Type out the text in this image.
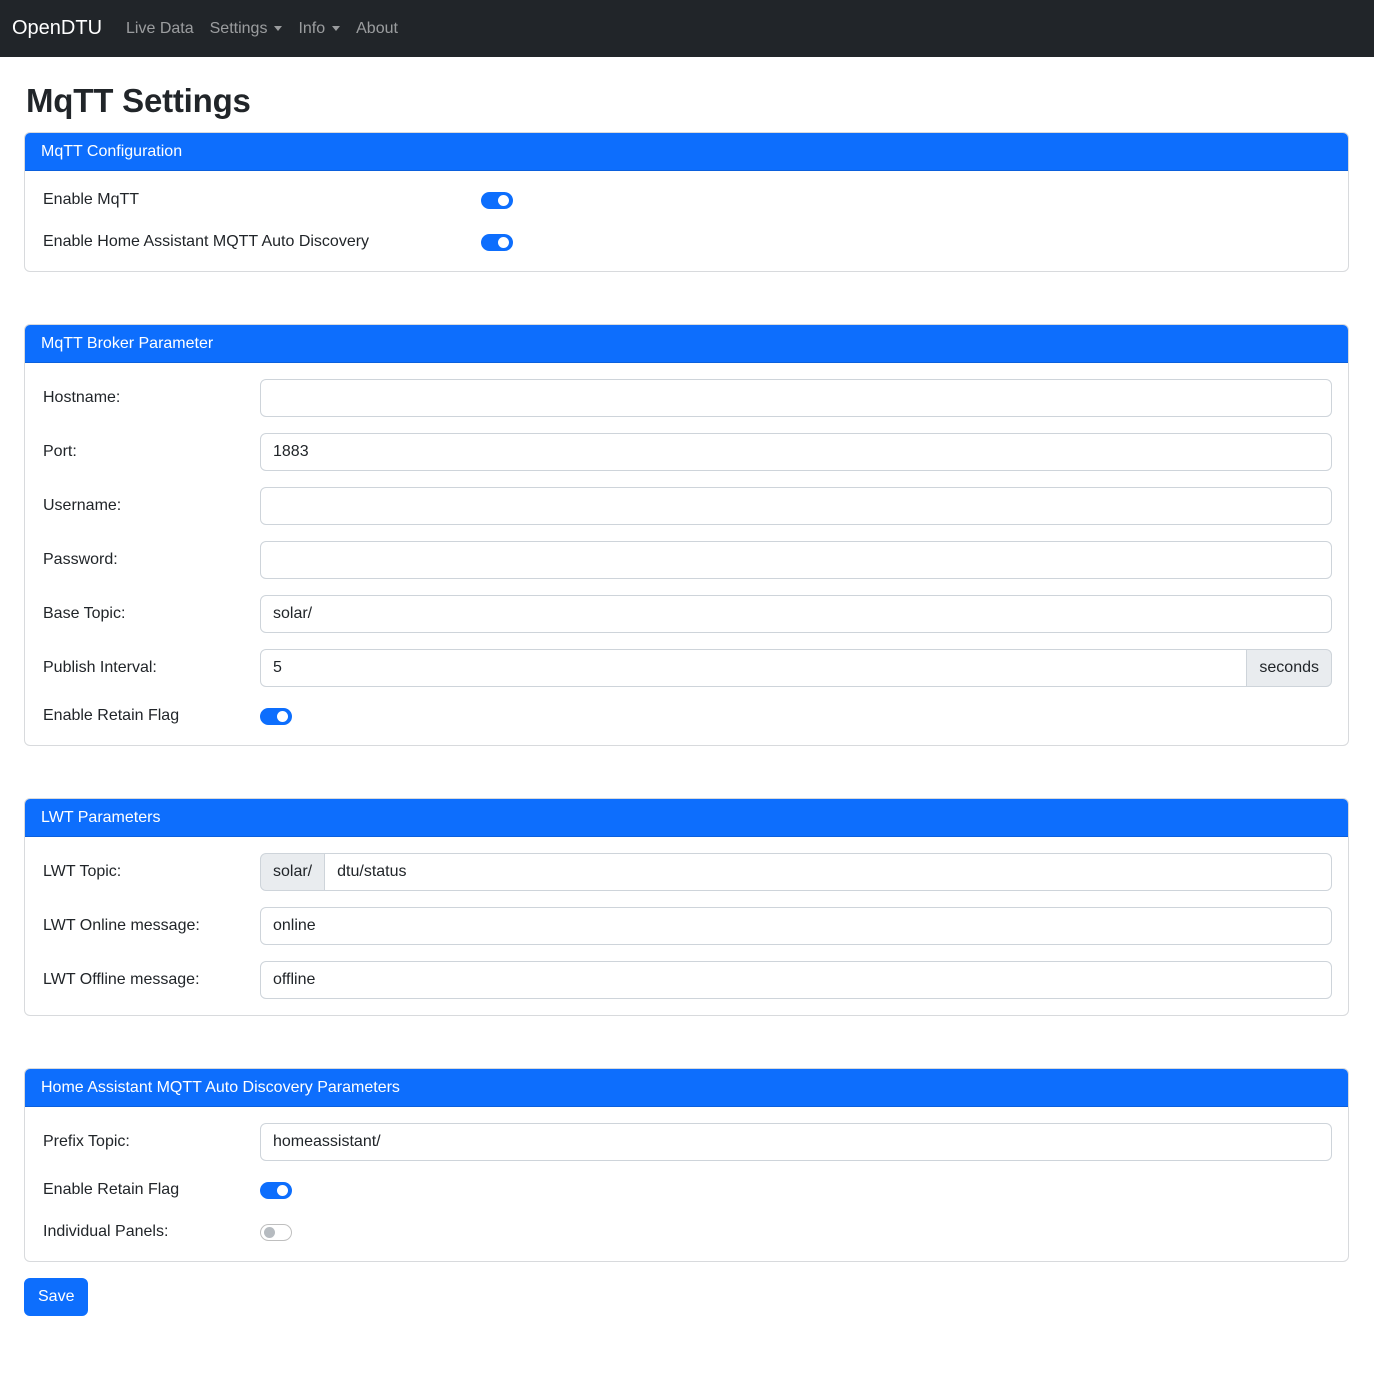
OpenDTU Live Data Settings Info About
MqTT Settings
MqTT Configuration
Enable MqTT
Enable Home Assistant MQTT Auto Discovery
MqTT Broker Parameter
Hostname:
Port:
1883
Username:
Password:
Base Topic:
solar/
Publish Interval:
5	seconds
Enable Retain Flag
LWT Parameters
LWT Topic:	solar/
dtu/status
LWT Online message:
online
LWT Offline message:
offline
Home Assistant MQTT Auto Discovery Parameters
Prefix Topic:
homeassistant/
Enable Retain Flag
Individual Panels:
Save
